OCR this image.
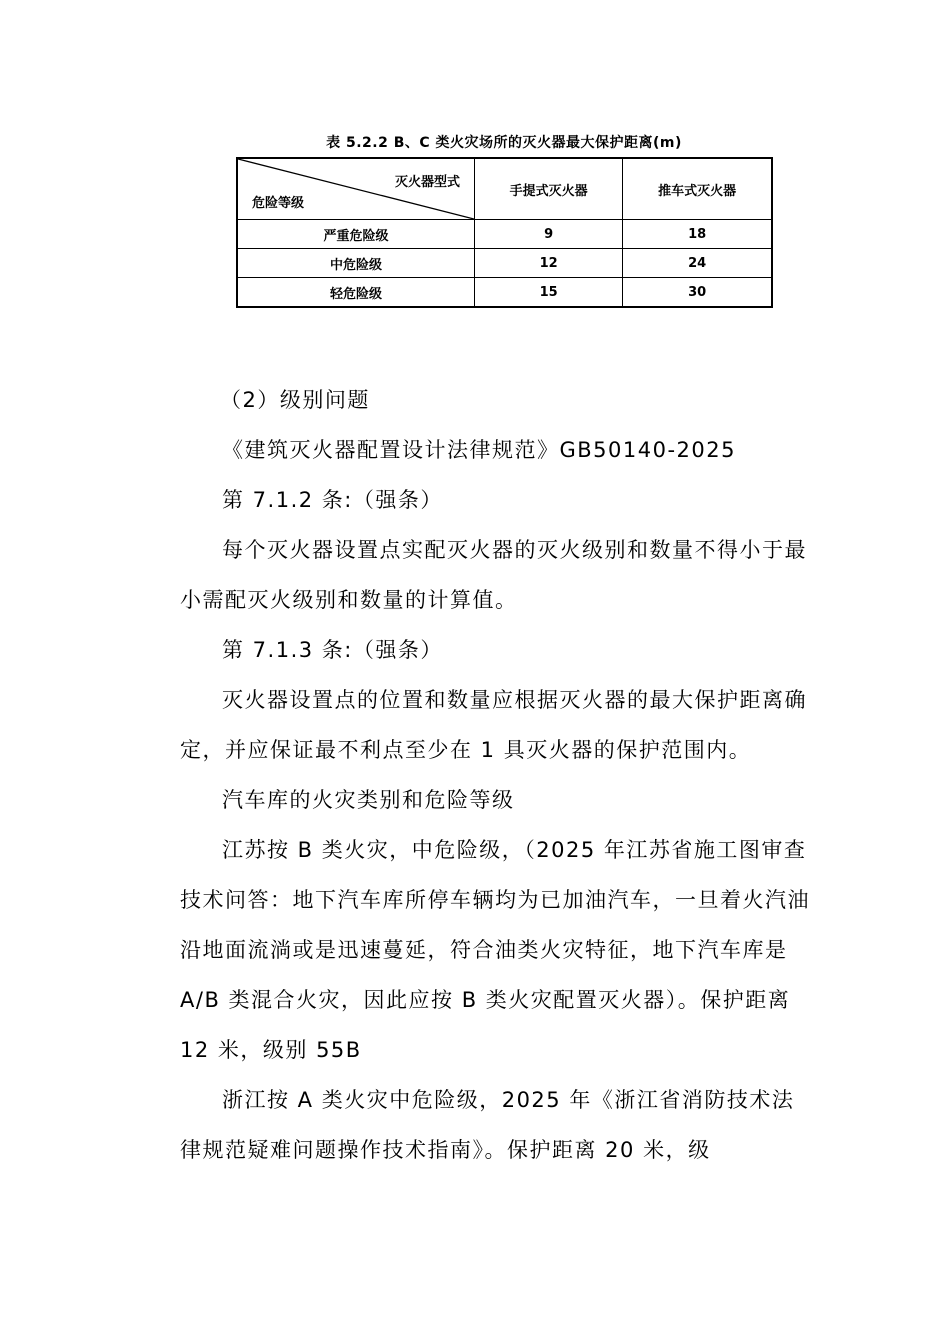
表 5.2.2 B、C 类火灾场所的灭火器最大保护距离(m)
灭火器型式
危险等级	手提式灭火器	推车式灭火器
严重危险级	9	18
中危险级	12	24
轻危险级	15	30

（2）级别问题

《建筑灭火器配置设计法律规范》GB50140-2025

第 7.1.2 条:（强条）

每个灭火器设置点实配灭火器的灭火级别和数量不得小于最小需配灭火级别和数量的计算值。

第 7.1.3 条:（强条）

灭火器设置点的位置和数量应根据灭火器的最大保护距离确定，并应保证最不利点至少在 1 具灭火器的保护范围内。

汽车库的火灾类别和危险等级

江苏按 B 类火灾，中危险级，（2025 年江苏省施工图审查技术问答：地下汽车库所停车辆均为已加油汽车，一旦着火汽油沿地面流淌或是迅速蔓延，符合油类火灾特征，地下汽车库是 A/B 类混合火灾，因此应按 B 类火灾配置灭火器）。保护距离 12 米，级别 55B

浙江按 A 类火灾中危险级，2025 年《浙江省消防技术法律规范疑难问题操作技术指南》。保护距离 20 米，级
